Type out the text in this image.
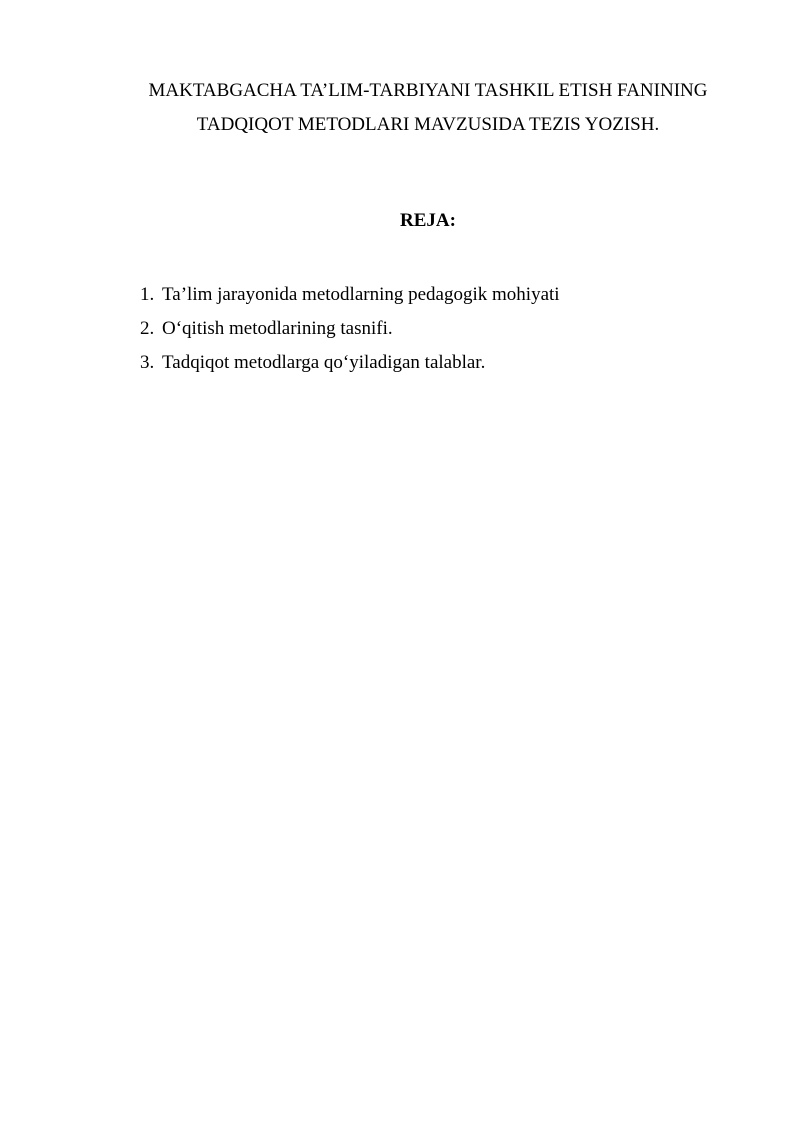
MAKTABGACHA TA’LIM-TARBIYANI TASHKIL ETISH FANINING
TADQIQOT METODLARI MAVZUSIDA TEZIS YOZISH.
REJA:
1. Ta’lim jarayonida metodlarning pedagogik mohiyati
2. O‘qitish metodlarining tasnifi.
3. Tadqiqot metodlarga qo‘yiladigan talablar.
